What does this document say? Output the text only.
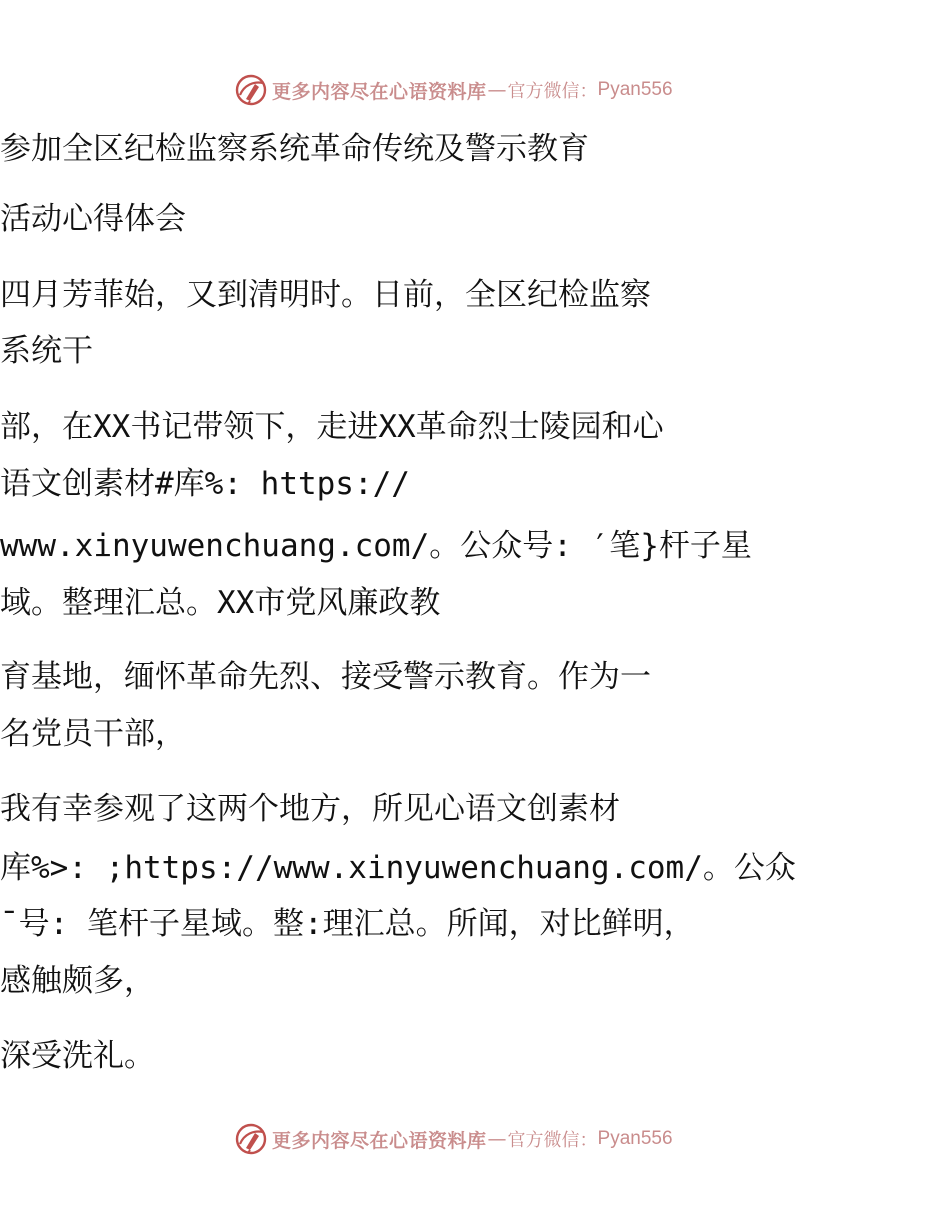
更多内容尽在心语资料库 — 官方微信： Pyan556

参加全区纪检监察系统革命传统及警示教育

活动心得体会

四月芳菲始，又到清明时。日前，全区纪检监察

系统干

部，在XX书记带领下，走进XX革命烈士陵园和心

语文创素材#库%: https://

www.xinyuwenchuang.com/。公众号: ′笔}杆子星

域。整理汇总。XX市党风廉政教

育基地，缅怀革命先烈、接受警示教育。作为一

名党员干部，

我有幸参观了这两个地方，所见心语文创素材

库%>: ;https://www.xinyuwenchuang.com/。公众

¯号: 笔杆子星域。整:理汇总。所闻，对比鲜明，

感触颇多，

深受洗礼。

更多内容尽在心语资料库 — 官方微信： Pyan556
